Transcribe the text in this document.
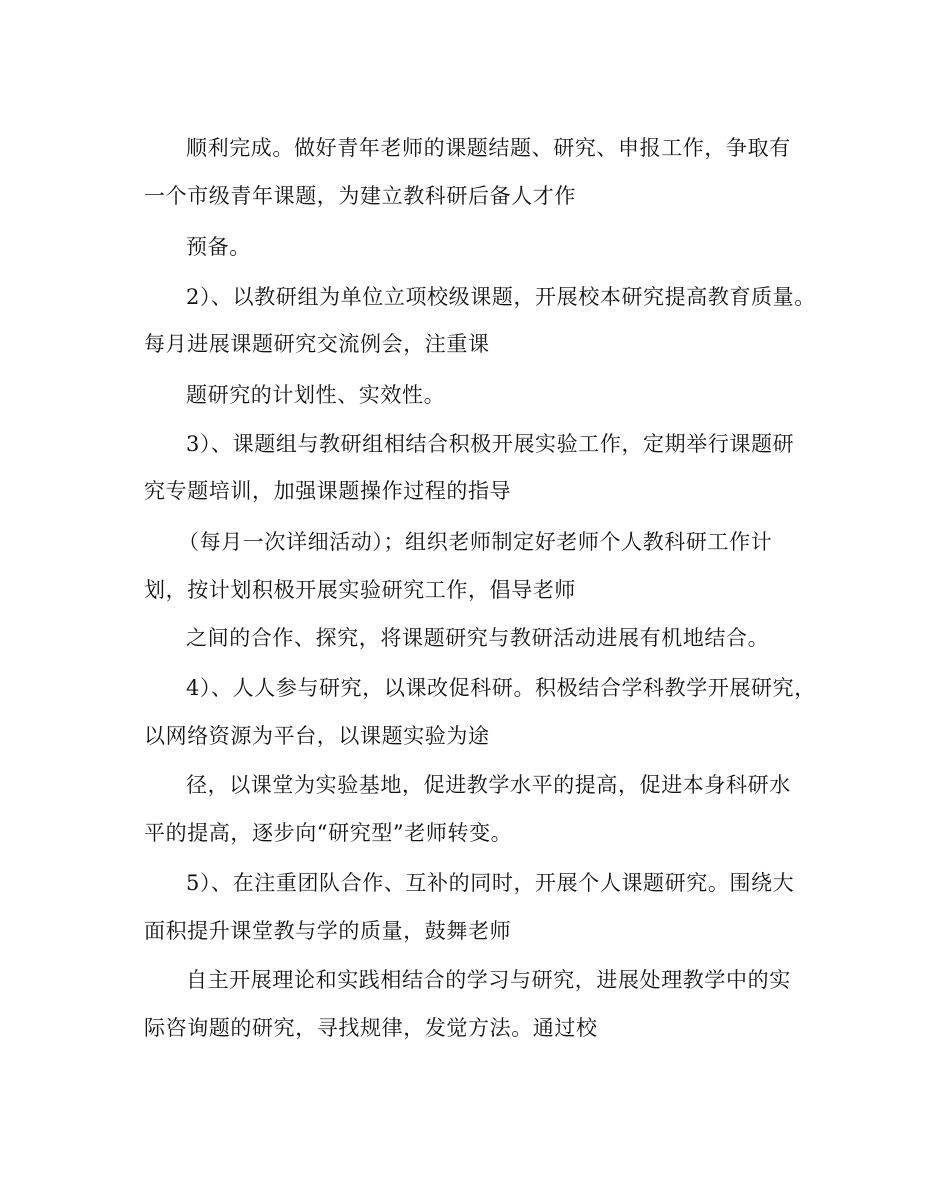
顺利完成。做好青年老师的课题结题、研究、申报工作，争取有
一个市级青年课题，为建立教科研后备人才作
预备。
2）、以教研组为单位立项校级课题，开展校本研究提高教育质量。
每月进展课题研究交流例会，注重课
题研究的计划性、实效性。
3）、课题组与教研组相结合积极开展实验工作，定期举行课题研
究专题培训，加强课题操作过程的指导
（每月一次详细活动）；组织老师制定好老师个人教科研工作计
划，按计划积极开展实验研究工作，倡导老师
之间的合作、探究，将课题研究与教研活动进展有机地结合。
4）、人人参与研究，以课改促科研。积极结合学科教学开展研究，
以网络资源为平台，以课题实验为途
径，以课堂为实验基地，促进教学水平的提高，促进本身科研水
平的提高，逐步向“研究型”老师转变。
5）、在注重团队合作、互补的同时，开展个人课题研究。围绕大
面积提升课堂教与学的质量，鼓舞老师
自主开展理论和实践相结合的学习与研究，进展处理教学中的实
际咨询题的研究，寻找规律，发觉方法。通过校
